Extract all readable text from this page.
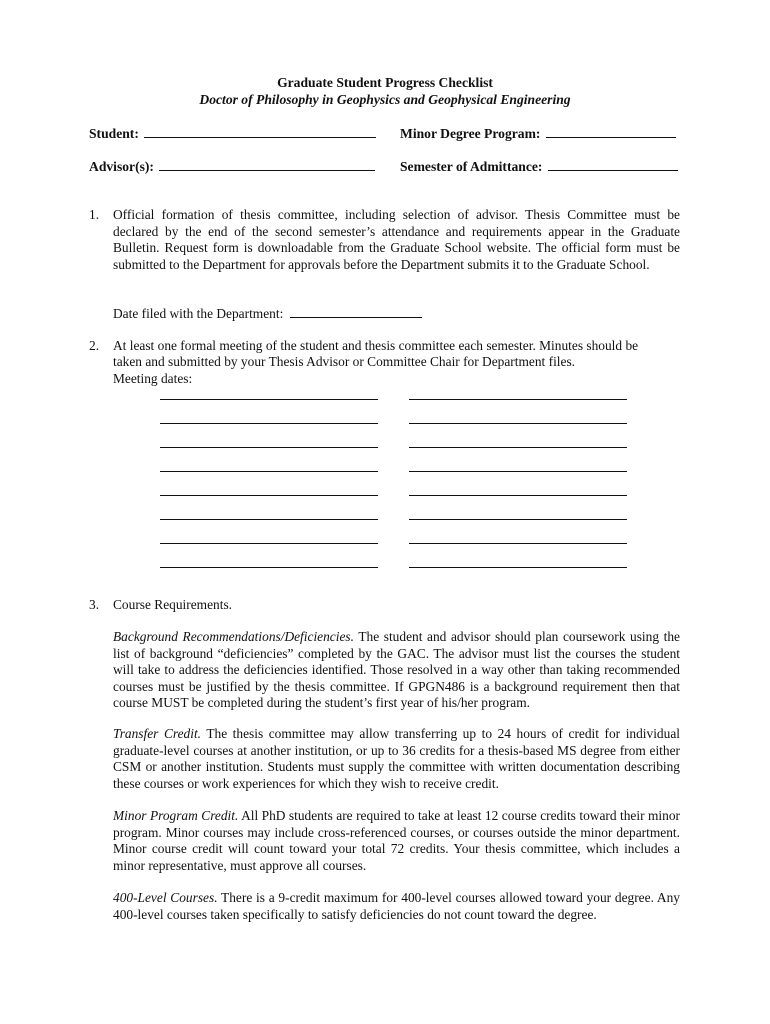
Graduate Student Progress Checklist
Doctor of Philosophy in Geophysics and Geophysical Engineering
Student:	Minor Degree Program:
Advisor(s):	Semester of Admittance:
1. Official formation of thesis committee, including selection of advisor. Thesis Committee must be declared by the end of the second semester’s attendance and requirements appear in the Graduate Bulletin. Request form is downloadable from the Graduate School website. The official form must be submitted to the Department for approvals before the Department submits it to the Graduate School.
Date filed with the Department:
2. At least one formal meeting of the student and thesis committee each semester. Minutes should be
taken and submitted by your Thesis Advisor or Committee Chair for Department files.
Meeting dates:
3. Course Requirements.
Background Recommendations/Deficiencies. The student and advisor should plan coursework using the list of background “deficiencies” completed by the GAC. The advisor must list the courses the student will take to address the deficiencies identified. Those resolved in a way other than taking recommended courses must be justified by the thesis committee. If GPGN486 is a background requirement then that course MUST be completed during the student’s first year of his/her program.
Transfer Credit. The thesis committee may allow transferring up to 24 hours of credit for individual graduate-level courses at another institution, or up to 36 credits for a thesis-based MS degree from either CSM or another institution. Students must supply the committee with written documentation describing these courses or work experiences for which they wish to receive credit.
Minor Program Credit. All PhD students are required to take at least 12 course credits toward their minor program. Minor courses may include cross-referenced courses, or courses outside the minor department. Minor course credit will count toward your total 72 credits. Your thesis committee, which includes a minor representative, must approve all courses.
400-Level Courses. There is a 9-credit maximum for 400-level courses allowed toward your degree. Any 400-level courses taken specifically to satisfy deficiencies do not count toward the degree.
